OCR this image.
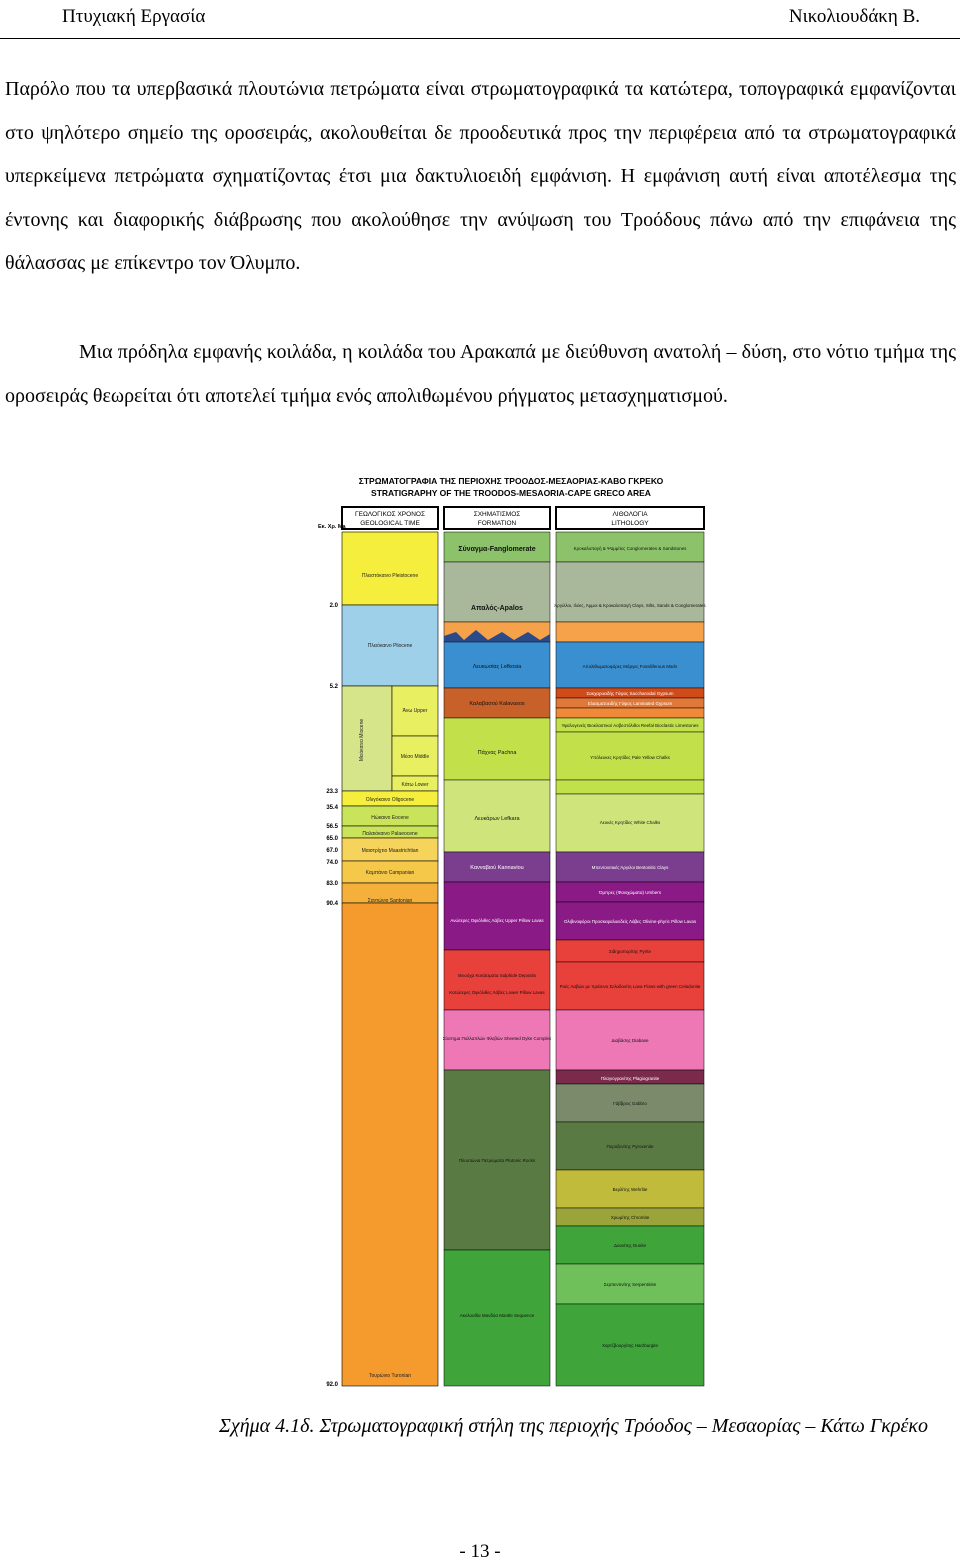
Πτυχιακή Εργασία	Νικολιουδάκη Β.
Παρόλο που τα υπερβασικά πλουτώνια πετρώματα είναι στρωματογραφικά τα κατώτερα, τοπογραφικά εμφανίζονται στο ψηλότερο σημείο της οροσειράς, ακολουθείται δε προοδευτικά προς την περιφέρεια από τα στρωματογραφικά υπερκείμενα πετρώματα σχηματίζοντας έτσι μια δακτυλιοειδή εμφάνιση. Η εμφάνιση αυτή είναι αποτέλεσμα της έντονης και διαφορικής διάβρωσης που ακολούθησε την ανύψωση του Τροόδους πάνω από την επιφάνεια της θάλασσας με επίκεντρο τον Όλυμπο.
Μια πρόδηλα εμφανής κοιλάδα, η κοιλάδα του Αρακαπά με διεύθυνση ανατολή – δύση, στο νότιο τμήμα της οροσειράς θεωρείται ότι αποτελεί τμήμα ενός απολιθωμένου ρήγματος μετασχηματισμού.
ΣΤΡΩΜΑΤΟΓΡΑΦΙΑ ΤΗΣ ΠΕΡΙΟΧΗΣ ΤΡΟΟΔΟΣ-ΜΕΣΑΟΡΙΑΣ-ΚΑΒΟ ΓΚΡΕΚΟ
STRATIGRAPHY OF THE TROODOS-MESAORIA-CAPE GRECO AREA
ΓΕΩΛΟΓΙΚΟΣ ΧΡΟΝΟΣ
GEOLOGICAL TIME
ΣΧΗΜΑΤΙΣΜΟΣ
FORMATION
ΛΙΘΟΛΟΓΙΑ
LITHOLOGY
Εκ. Χρ. Ma
Πλειστόκαινο Pleistocene
Πλειόκαινο Pliocene
Μειόκαινο Miocene
Άνω Upper
Μέσο Middle
Κάτω Lower
Ολιγόκαινο Oligocene
Ηώκαινο Eocene
Παλαιόκαινο Palaeocene
Μαιστρίχτιο Maastrichtian
Καμπάνιο Campanian
Σαντώνιο Santonian
Τουρώνιο Turonian
2.0
5.2
23.3
35.4
56.5
65.0
67.0
74.0
83.0
90.4
92.0
Σύναγμα-Fanglomerate
Απαλός-Apalos
Λευκωσίας Lefkosia
Καλαβασού Kalavasos
Πάχνας Pachna
Λευκάρων Lefkara
Κανναβιού Kannaviou
Ανώτερες Οφιόλιθες Λάβες Upper Pillow Lavas
Θειούχα Κοιτάσματα Sulphide Deposits
Κατώτερες Οφιόλιθες Λάβες Lower Pillow Lavas
Σύστημα Πολλαπλών Φλεβών Sheeted Dyke Complex
Πλουτώνια Πετρώματα Plutonic Rocks
Ακολουθία Μανδύα Mantle Sequence
Κροκαλοπαγή & Ψαμμίτες Conglomerates & Sandstones
Άργιλλοι, Ιλύες, Άμμοι & Κροκαλοπαγή Clays, Silts, Sands & Conglomerates
Απολιθωματοφόρες Μάργες Fossiliferous Marls
Σακχαροειδής Γύψος Saccharoidal Gypsum
Ελασματοειδής Γύψος Laminated Gypsum
Υφαλογενείς Βιοκλαστικοί Ασβεστόλιθοι Reefal Bioclastic Limestones
Υπόλευκες Κρητίδες Pale Yellow Chalks
Λευκές Κρητίδες White Chalks
Μπεντονιτικές Άργιλοι Bentonitic Clays
Όμπρες (Φαιοχώματα) Umbers
Ολιβινοφόροι Προσκεφαλοειδείς Λάβες Olivine-phyric Pillow Lavas
Σιδηροπυρίτης Pyrite
Ροές Λαβών με πράσινο Σελαδονίτη Lava Flows with green Celadonite
Διαβάσης Diabase
Πλαγιογρανίτης Plagiogranite
Γάββρος Gabbro
Πυροξενίτης Pyroxenite
Βερλίτης Wehrlite
Χρωμίτης Chromite
Δουνίτης Dunite
Σερπεντινίτης Serpentinite
Χαρτζβουργίτης Harzburgite
Σχήμα 4.1δ. Στρωματογραφική στήλη της περιοχής Τρόοδος – Μεσαορίας – Κάτω Γκρέκο
- 13 -
